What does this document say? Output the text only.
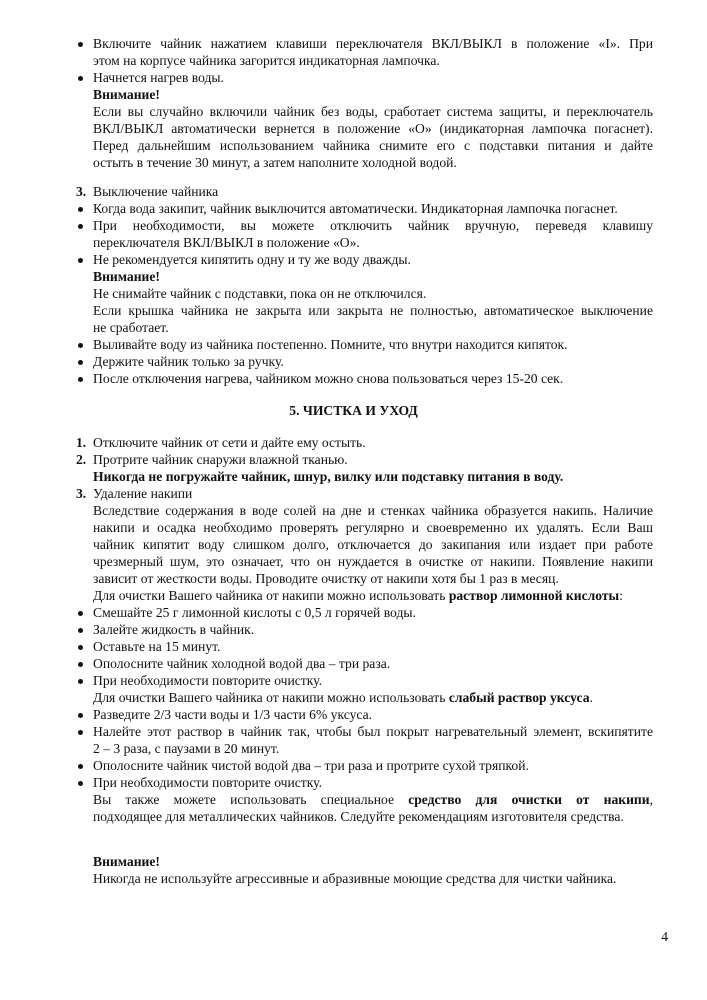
Включите чайник нажатием клавиши переключателя ВКЛ/ВЫКЛ в положение «I». При
этом на корпусе чайника загорится индикаторная лампочка.
Начнется нагрев воды.
Внимание!
Если вы случайно включили чайник без воды, сработает система защиты, и переключатель
ВКЛ/ВЫКЛ автоматически вернется в положение «О» (индикаторная лампочка погаснет).
Перед дальнейшим использованием чайника снимите его с подставки питания и дайте
остыть в течение 30 минут, а затем наполните холодной водой.
3. Выключение чайника
Когда вода закипит, чайник выключится автоматически. Индикаторная лампочка погаснет.
При необходимости, вы можете отключить чайник вручную, переведя клавишу
переключателя ВКЛ/ВЫКЛ в положение «О».
Не рекомендуется кипятить одну и ту же воду дважды.
Внимание!
Не снимайте чайник с подставки, пока он не отключился.
Если крышка чайника не закрыта или закрыта не полностью, автоматическое выключение
не сработает.
Выливайте воду из чайника постепенно. Помните, что внутри находится кипяток.
Держите чайник только за ручку.
После отключения нагрева, чайником можно снова пользоваться через 15-20 сек.
5. ЧИСТКА И УХОД
1. Отключите чайник от сети и дайте ему остыть.
2. Протрите чайник снаружи влажной тканью.
Никогда не погружайте чайник, шнур, вилку или подставку питания в воду.
3. Удаление накипи
Вследствие содержания в воде солей на дне и стенках чайника образуется накипь. Наличие
накипи и осадка необходимо проверять регулярно и своевременно их удалять. Если Ваш
чайник кипятит воду слишком долго, отключается до закипания или издает при работе
чрезмерный шум, это означает, что он нуждается в очистке от накипи. Появление накипи
зависит от жесткости воды. Проводите очистку от накипи хотя бы 1 раз в месяц.
Для очистки Вашего чайника от накипи можно использовать раствор лимонной кислоты:
Смешайте 25 г лимонной кислоты с 0,5 л горячей воды.
Залейте жидкость в чайник.
Оставьте на 15 минут.
Ополосните чайник холодной водой два – три раза.
При необходимости повторите очистку.
Для очистки Вашего чайника от накипи можно использовать слабый раствор уксуса.
Разведите 2/3 части воды и 1/3 части 6% уксуса.
Налейте этот раствор в чайник так, чтобы был покрыт нагревательный элемент, вскипятите
2 – 3 раза, с паузами в 20 минут.
Ополосните чайник чистой водой два – три раза и протрите сухой тряпкой.
При необходимости повторите очистку.
Вы также можете использовать специальное средство для очистки от накипи,
подходящее для металлических чайников. Следуйте рекомендациям изготовителя средства.
Внимание!
Никогда не используйте агрессивные и абразивные моющие средства для чистки чайника.
4
